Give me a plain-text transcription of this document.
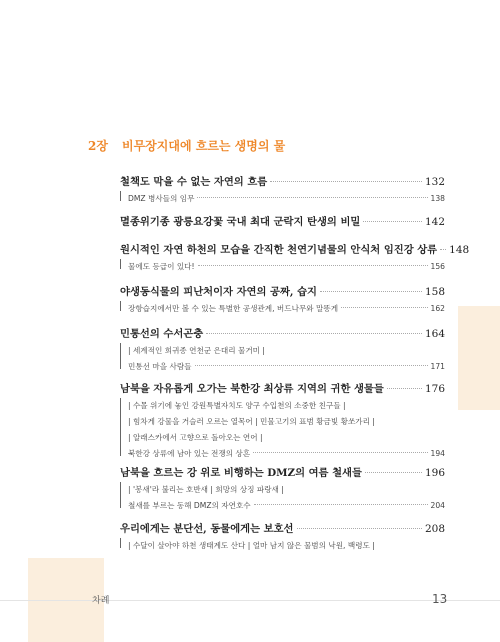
2장 비무장지대에 흐르는 생명의 물
철책도 막을 수 없는 자연의 흐름	132
DMZ 병사들의 임무	138
멸종위기종 광릉요강꽃 국내 최대 군락지 탄생의 비밀	142
원시적인 자연 하천의 모습을 간직한 천연기념물의 안식처 임진강 상류 148
물에도 등급이 있다!	156
야생동식물의 피난처이자 자연의 공짜, 습지	158
장항습지에서만 볼 수 있는 특별한 공생관계, 버드나무와 말똥게	162
민통선의 수서곤충	164
| 세계적인 희귀종 연천군 은대리 물거미 |
민통선 마을 사람들	171
남북을 자유롭게 오가는 북한강 최상류 지역의 귀한 생물들	176
| 수몰 위기에 놓인 강원특별자치도 양구 수입천의 소중한 친구들 |
| 힘차게 강물을 거슬러 오르는 열목어 | 민물고기의 표범 황금빛 황쏘가리 |
| 알래스카에서 고향으로 돌아오는 연어 |
북한강 상류에 남아 있는 전쟁의 상흔	194
남북을 흐르는 강 위로 비행하는 DMZ의 여름 철새들	196
| '봉새'라 불리는 호반새 | 희망의 상징 파랑새 |
철새를 부르는 동해 DMZ의 자연호수	204
우리에게는 분단선, 동물에게는 보호선	208
| 수달이 살아야 하천 생태계도 산다 | 얼마 남지 않은 물범의 낙원, 백령도 |
차례	13
